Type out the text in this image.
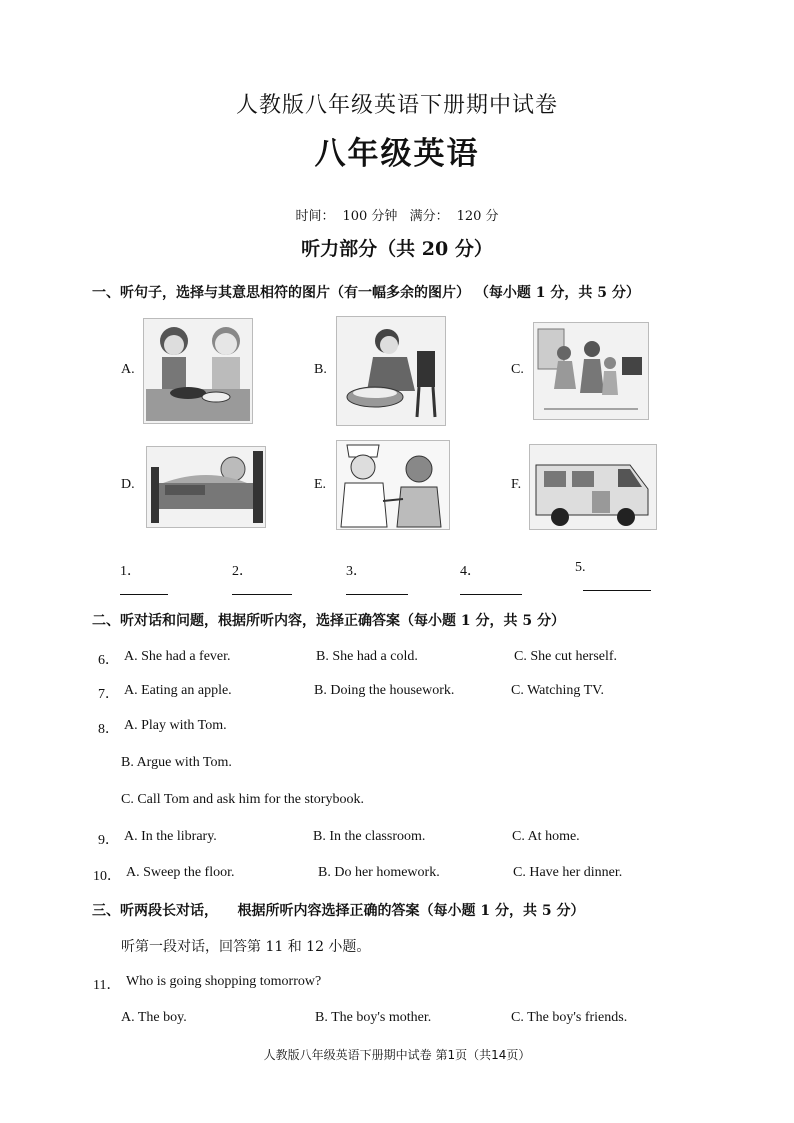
人教版八年级英语下册期中试卷
八年级英语
时间： 100 分钟 满分： 120 分
听力部分（共 20 分）
一、听句子，选择与其意思相符的图片（有一幅多余的图片） （每小题 1 分，共 5 分）
A.	B.	C.
D.	E.	F.
1．	2．	3．	4．	5.
二、听对话和问题，根据所听内容，选择正确答案（每小题 1 分，共 5 分）
6． A. She had a fever.	B. She had a cold.	C. She cut herself.
7． A. Eating an apple.	B. Doing the housework.	C. Watching TV.
8． A. Play with Tom.
B. Argue with Tom.
C. Call Tom and ask him for the storybook.
9． A. In the library.	B. In the classroom.	C. At home.
10． A. Sweep the floor.	B. Do her homework.	C. Have her dinner.
三、听两段长对话，    根据所听内容选择正确的答案（每小题 1 分，共 5 分）
听第一段对话，回答第 11 和 12 小题。
11． Who is going shopping tomorrow?
A. The boy.	B. The boy's mother.	C. The boy's friends.
人教版八年级英语下册期中试卷 第1页（共14页）
